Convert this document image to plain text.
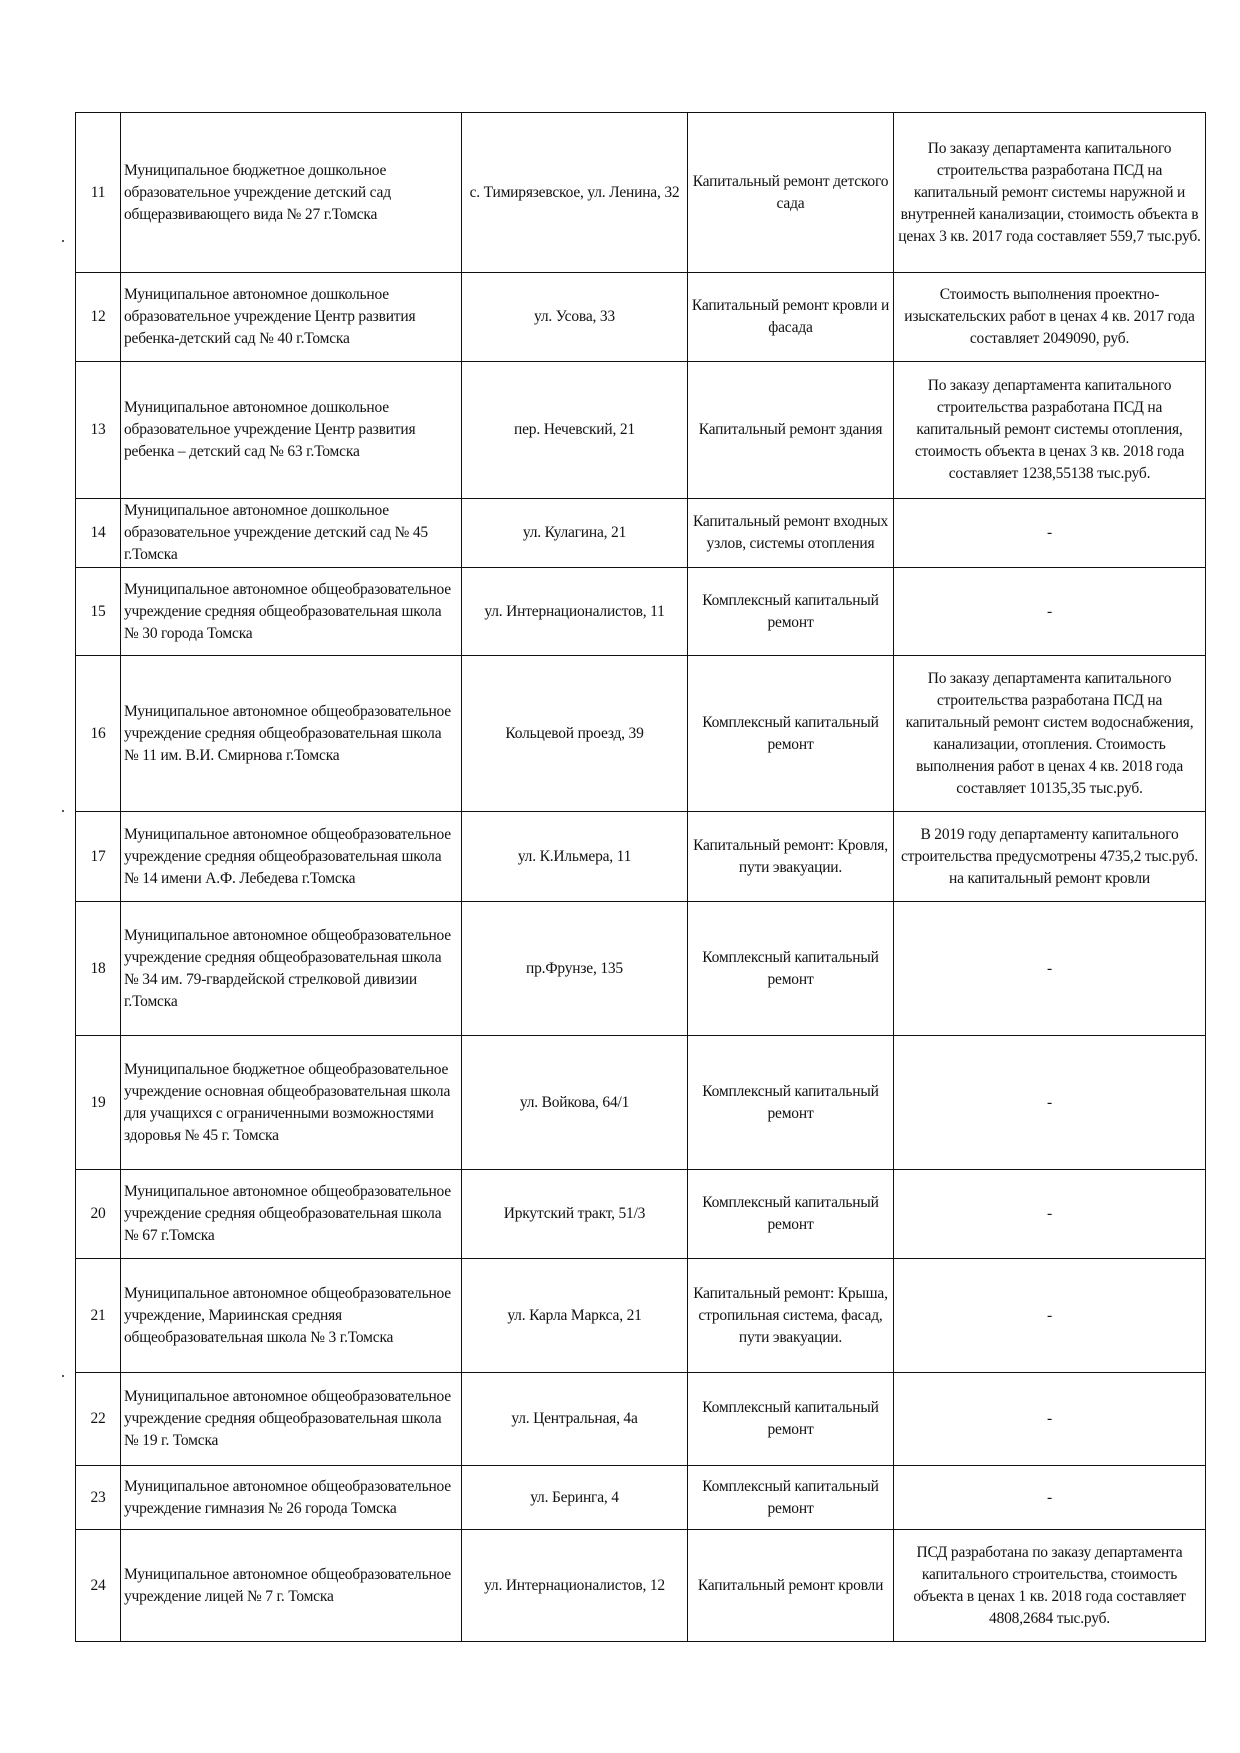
11	Муниципальное бюджетное дошкольное образовательное учреждение детский сад общеразвивающего вида № 27 г.Томска	с. Тимирязевское, ул. Ленина, 32	Капитальный ремонт детского сада	По заказу департамента капитального строительства разработана ПСД на капитальный ремонт системы наружной и внутренней канализации, стоимость объекта в ценах 3 кв. 2017 года составляет 559,7 тыс.руб.
12	Муниципальное автономное дошкольное образовательное учреждение Центр развития ребенка-детский сад № 40 г.Томска	ул. Усова, 33	Капитальный ремонт кровли и фасада	Стоимость выполнения проектно-изыскательских работ в ценах 4 кв. 2017 года составляет 2049090, руб.
13	Муниципальное автономное дошкольное образовательное учреждение Центр развития ребенка – детский сад № 63 г.Томска	пер. Нечевский, 21	Капитальный ремонт здания	По заказу департамента капитального строительства разработана ПСД на капитальный ремонт системы отопления, стоимость объекта в ценах 3 кв. 2018 года составляет 1238,55138 тыс.руб.
14	Муниципальное автономное дошкольное образовательное учреждение детский сад № 45 г.Томска	ул. Кулагина, 21	Капитальный ремонт входных узлов, системы отопления	-
15	Муниципальное автономное общеобразовательное учреждение средняя общеобразовательная школа № 30 города Томска	ул. Интернационалистов, 11	Комплексный капитальный ремонт	-
16	Муниципальное автономное общеобразовательное учреждение средняя общеобразовательная школа № 11 им. В.И. Смирнова г.Томска	Кольцевой проезд, 39	Комплексный капитальный ремонт	По заказу департамента капитального строительства разработана ПСД на капитальный ремонт систем водоснабжения, канализации, отопления. Стоимость выполнения работ в ценах 4 кв. 2018 года составляет 10135,35 тыс.руб.
17	Муниципальное автономное общеобразовательное учреждение средняя общеобразовательная школа № 14 имени А.Ф. Лебедева г.Томска	ул. К.Ильмера, 11	Капитальный ремонт: Кровля, пути эвакуации.	В 2019 году департаменту капитального строительства предусмотрены 4735,2 тыс.руб. на капитальный ремонт кровли
18	Муниципальное автономное общеобразовательное учреждение средняя общеобразовательная школа № 34 им. 79-гвардейской стрелковой дивизии г.Томска	пр.Фрунзе, 135	Комплексный капитальный ремонт	-
19	Муниципальное бюджетное общеобразовательное учреждение основная общеобразовательная школа для учащихся с ограниченными возможностями здоровья № 45 г. Томска	ул. Войкова, 64/1	Комплексный капитальный ремонт	-
20	Муниципальное автономное общеобразовательное учреждение средняя общеобразовательная школа № 67 г.Томска	Иркутский тракт, 51/3	Комплексный капитальный ремонт	-
21	Муниципальное автономное общеобразовательное учреждение, Мариинская средняя общеобразовательная школа № 3 г.Томска	ул. Карла Маркса, 21	Капитальный ремонт: Крыша, стропильная система, фасад, пути эвакуации.	-
22	Муниципальное автономное общеобразовательное учреждение средняя общеобразовательная школа № 19 г. Томска	ул. Центральная, 4а	Комплексный капитальный ремонт	-
23	Муниципальное автономное общеобразовательное учреждение гимназия № 26 города Томска	ул. Беринга, 4	Комплексный капитальный ремонт	-
24	Муниципальное автономное общеобразовательное учреждение лицей № 7 г. Томска	ул. Интернационалистов, 12	Капитальный ремонт кровли	ПСД разработана по заказу департамента капитального строительства, стоимость объекта в ценах 1 кв. 2018 года составляет 4808,2684 тыс.руб.
